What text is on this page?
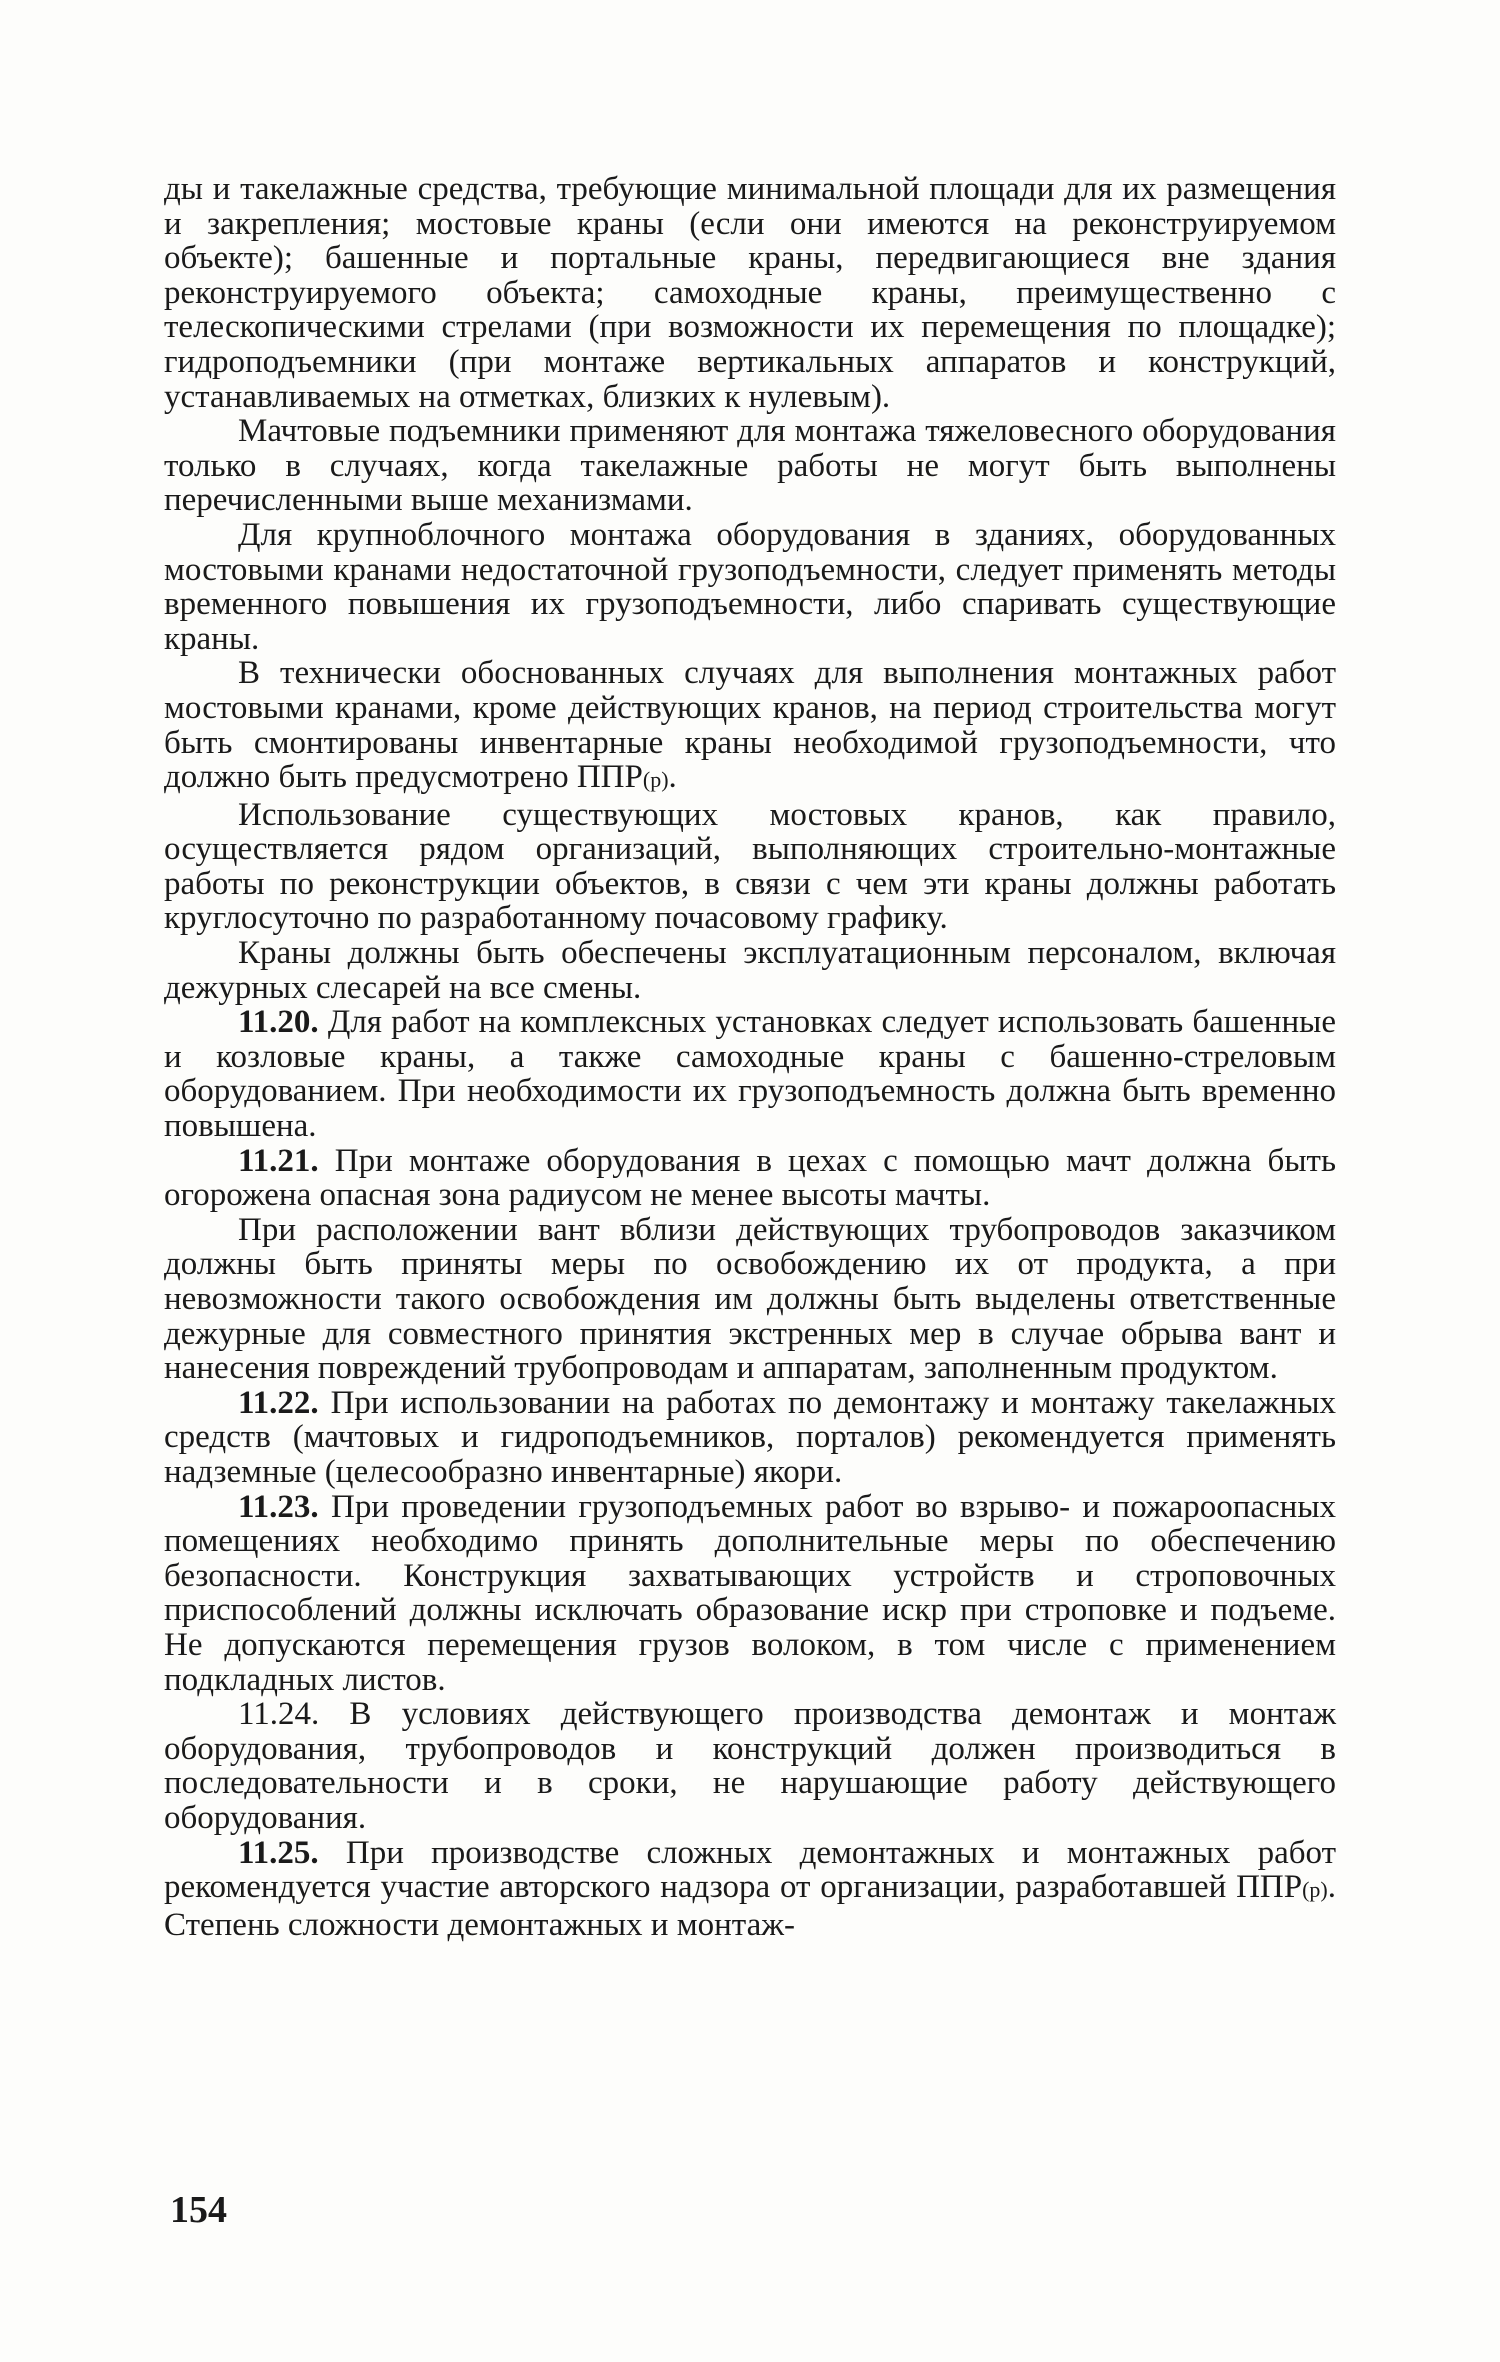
ды и такелажные средства, требующие минимальной площади для их размещения и закрепления; мостовые краны (если они имеются на реконструируемом объекте); башенные и портальные краны, передвигающиеся вне здания реконструируемого объекта; самоходные краны, преимущественно с телескопическими стрелами (при возможности их перемещения по площадке); гидроподъемники (при монтаже вертикальных аппаратов и конструкций, устанавливаемых на отметках, близких к нулевым).

Мачтовые подъемники применяют для монтажа тяжеловесного оборудования только в случаях, когда такелажные работы не могут быть выполнены перечисленными выше механизмами.

Для крупноблочного монтажа оборудования в зданиях, оборудованных мостовыми кранами недостаточной грузоподъемности, следует применять методы временного повышения их грузоподъемности, либо спаривать существующие краны.

В технически обоснованных случаях для выполнения монтажных работ мостовыми кранами, кроме действующих кранов, на период строительства могут быть смонтированы инвентарные краны необходимой грузоподъемности, что должно быть предусмотрено ППР(р).

Использование существующих мостовых кранов, как правило, осуществляется рядом организаций, выполняющих строительно-монтажные работы по реконструкции объектов, в связи с чем эти краны должны работать круглосуточно по разработанному почасовому графику.

Краны должны быть обеспечены эксплуатационным персоналом, включая дежурных слесарей на все смены.

11.20. Для работ на комплексных установках следует использовать башенные и козловые краны, а также самоходные краны с башенно-стреловым оборудованием. При необходимости их грузоподъемность должна быть временно повышена.

11.21. При монтаже оборудования в цехах с помощью мачт должна быть огорожена опасная зона радиусом не менее высоты мачты.

При расположении вант вблизи действующих трубопроводов заказчиком должны быть приняты меры по освобождению их от продукта, а при невозможности такого освобождения им должны быть выделены ответственные дежурные для совместного принятия экстренных мер в случае обрыва вант и нанесения повреждений трубопроводам и аппаратам, заполненным продуктом.

11.22. При использовании на работах по демонтажу и монтажу такелажных средств (мачтовых и гидроподъемников, порталов) рекомендуется применять надземные (целесообразно инвентарные) якори.

11.23. При проведении грузоподъемных работ во взрыво- и пожароопасных помещениях необходимо принять дополнительные меры по обеспечению безопасности. Конструкция захватывающих устройств и строповочных приспособлений должны исключать образование искр при строповке и подъеме. Не допускаются перемещения грузов волоком, в том числе с применением подкладных листов.

11.24. В условиях действующего производства демонтаж и монтаж оборудования, трубопроводов и конструкций должен производиться в последовательности и в сроки, не нарушающие работу действующего оборудования.

11.25. При производстве сложных демонтажных и монтажных работ рекомендуется участие авторского надзора от организации, разработавшей ППР(р). Степень сложности демонтажных и монтаж-

154
